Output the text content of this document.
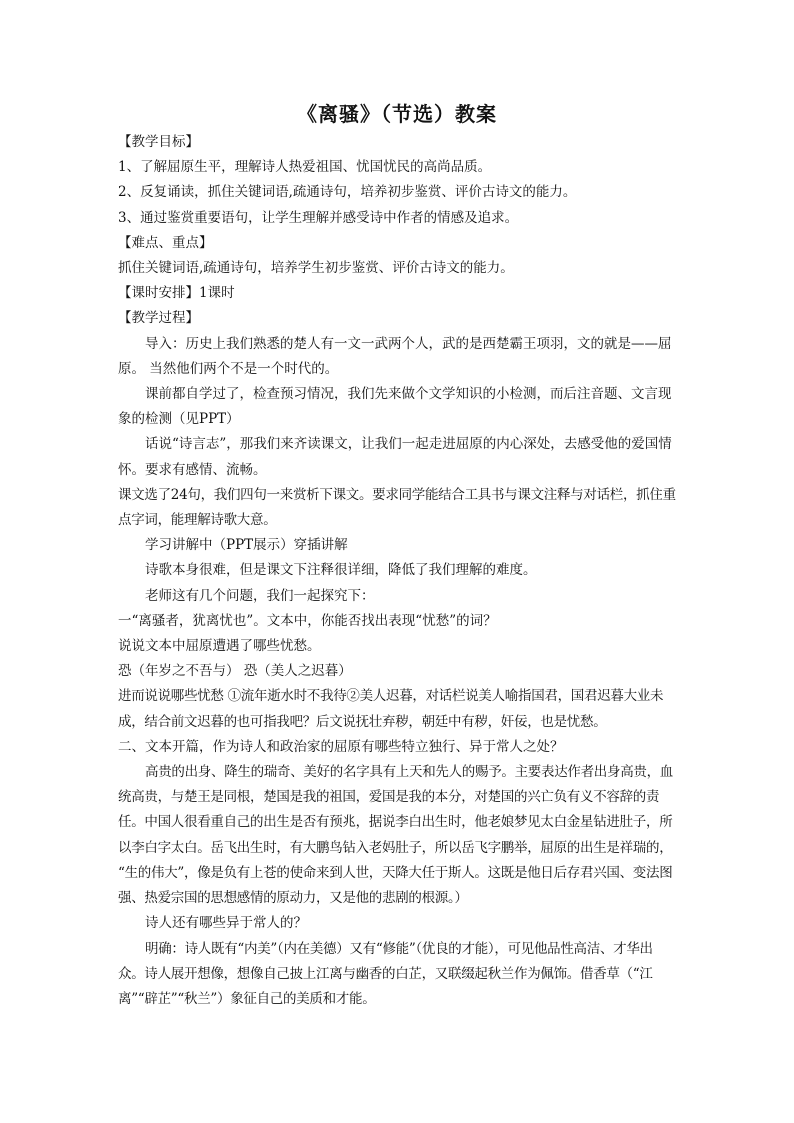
《离骚》（节选）教案

【教学目标】

1、了解屈原生平，理解诗人热爱祖国、忧国忧民的高尚品质。

2、反复诵读，抓住关键词语,疏通诗句，培养初步鉴赏、评价古诗文的能力。

3、通过鉴赏重要语句，让学生理解并感受诗中作者的情感及追求。

【难点、重点】

抓住关键词语,疏通诗句，培养学生初步鉴赏、评价古诗文的能力。

【课时安排】1课时

【教学过程】

导入：历史上我们熟悉的楚人有一文一武两个人，武的是西楚霸王项羽，文的就是——屈原。 当然他们两个不是一个时代的。

课前都自学过了，检查预习情况，我们先来做个文学知识的小检测，而后注音题、文言现象的检测（见PPT）

话说“诗言志”，那我们来齐读课文，让我们一起走进屈原的内心深处，去感受他的爱国情怀。要求有感情、流畅。

课文选了24句，我们四句一来赏析下课文。要求同学能结合工具书与课文注释与对话栏，抓住重点字词，能理解诗歌大意。

学习讲解中（PPT展示）穿插讲解

诗歌本身很难，但是课文下注释很详细，降低了我们理解的难度。

老师这有几个问题，我们一起探究下：

一“离骚者，犹离忧也”。文本中，你能否找出表现“忧愁”的词？

说说文本中屈原遭遇了哪些忧愁。

恐（年岁之不吾与） 恐（美人之迟暮）

进而说说哪些忧愁 ①流年逝水时不我待②美人迟暮，对话栏说美人喻指国君，国君迟暮大业未成，结合前文迟暮的也可指我吧？后文说抚壮弃秽，朝廷中有秽，奸佞，也是忧愁。

二、文本开篇，作为诗人和政治家的屈原有哪些特立独行、异于常人之处？

高贵的出身、降生的瑞奇、美好的名字具有上天和先人的赐予。主要表达作者出身高贵，血统高贵，与楚王是同根，楚国是我的祖国，爱国是我的本分，对楚国的兴亡负有义不容辞的责任。中国人很看重自己的出生是否有预兆，据说李白出生时，他老娘梦见太白金星钻进肚子，所以李白字太白。岳飞出生时，有大鹏鸟钻入老妈肚子，所以岳飞字鹏举，屈原的出生是祥瑞的， “生的伟大”，像是负有上苍的使命来到人世，天降大任于斯人。这既是他日后存君兴国、变法图强、热爱宗国的思想感情的原动力，又是他的悲剧的根源。）

诗人还有哪些异于常人的？

明确：诗人既有“内美”（内在美德）又有“修能”（优良的才能），可见他品性高洁、才华出众。诗人展开想像，想像自己披上江离与幽香的白芷，又联缀起秋兰作为佩饰。借香草（“江离”“辟芷”“秋兰”）象征自己的美质和才能。
